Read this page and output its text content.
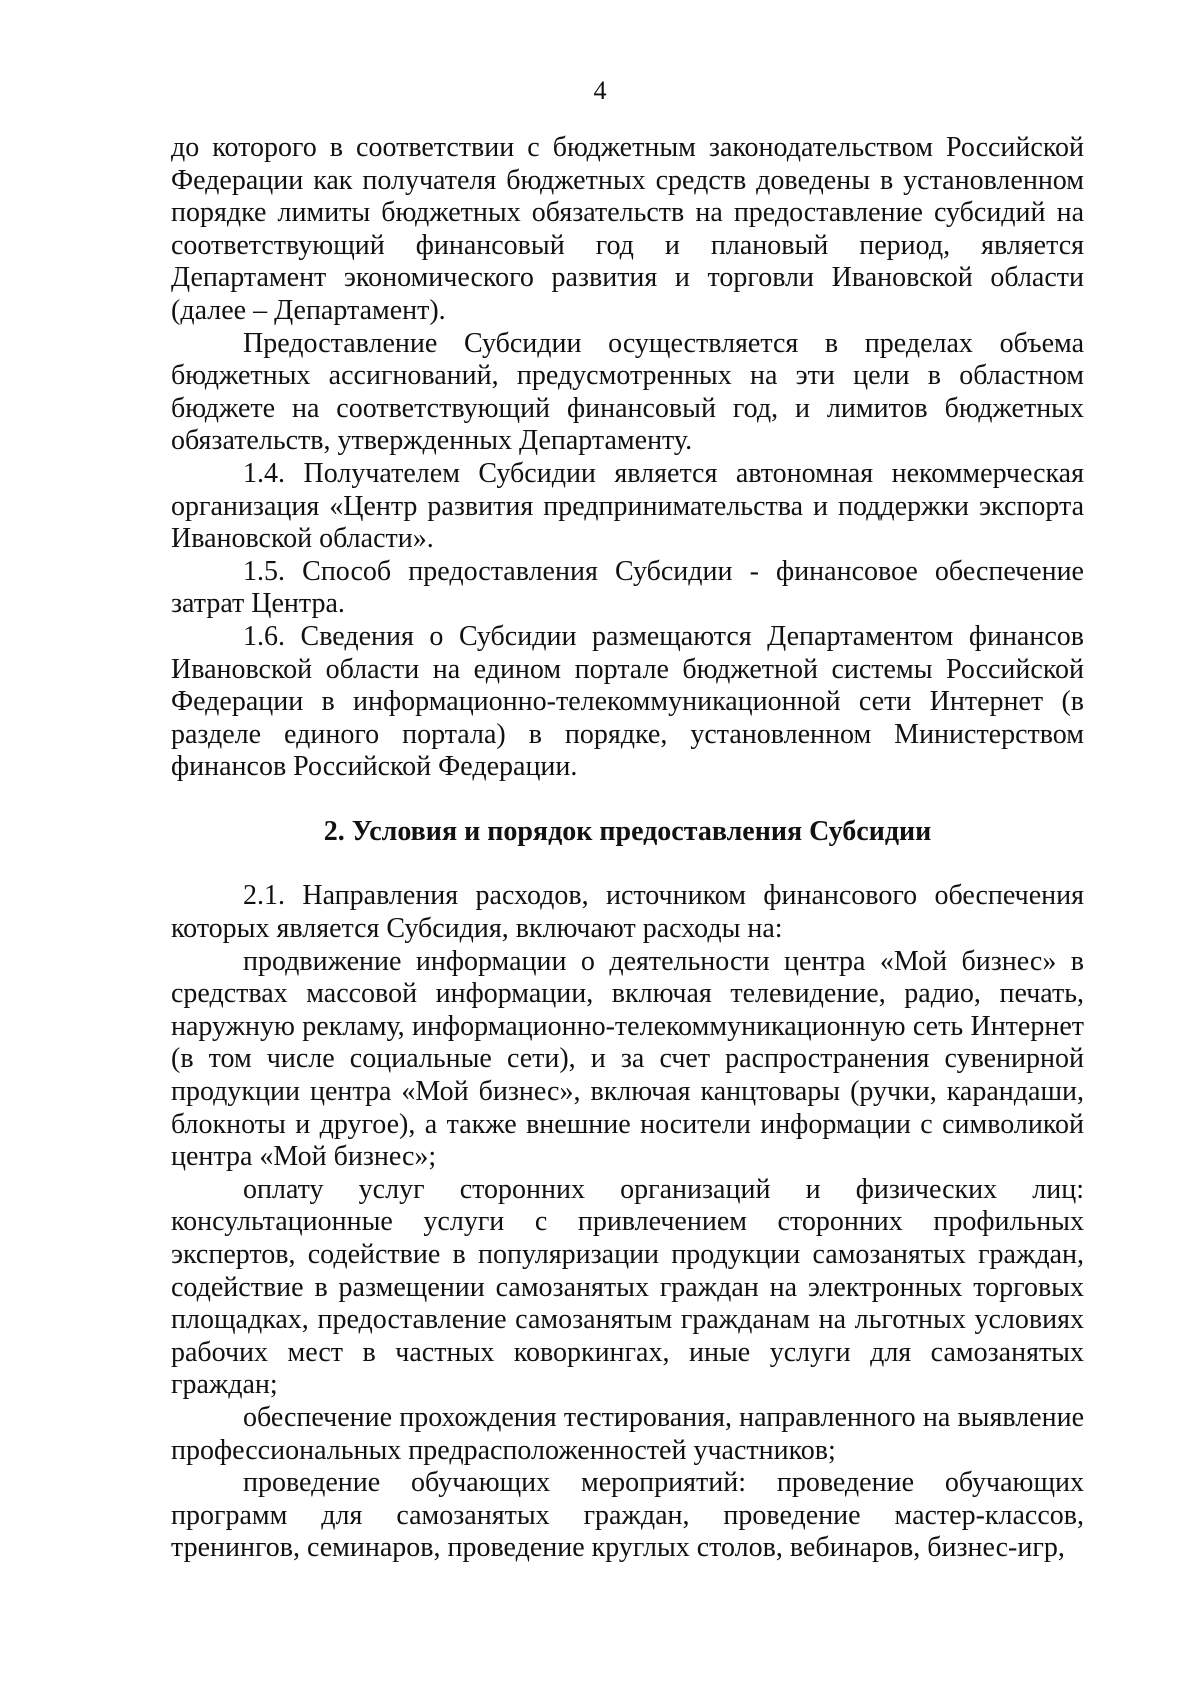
4

до которого в соответствии с бюджетным законодательством Российской Федерации как получателя бюджетных средств доведены в установленном порядке лимиты бюджетных обязательств на предоставление субсидий на соответствующий финансовый год и плановый период, является Департамент экономического развития и торговли Ивановской области (далее – Департамент).

Предоставление Субсидии осуществляется в пределах объема бюджетных ассигнований, предусмотренных на эти цели в областном бюджете на соответствующий финансовый год, и лимитов бюджетных обязательств, утвержденных Департаменту.

1.4. Получателем Субсидии является автономная некоммерческая организация «Центр развития предпринимательства и поддержки экспорта Ивановской области».

1.5. Способ предоставления Субсидии - финансовое обеспечение затрат Центра.

1.6. Сведения о Субсидии размещаются Департаментом финансов Ивановской области на едином портале бюджетной системы Российской Федерации в информационно-телекоммуникационной сети Интернет (в разделе единого портала) в порядке, установленном Министерством финансов Российской Федерации.

2. Условия и порядок предоставления Субсидии

2.1. Направления расходов, источником финансового обеспечения которых является Субсидия, включают расходы на:

продвижение информации о деятельности центра «Мой бизнес» в средствах массовой информации, включая телевидение, радио, печать, наружную рекламу, информационно-телекоммуникационную сеть Интернет (в том числе социальные сети), и за счет распространения сувенирной продукции центра «Мой бизнес», включая канцтовары (ручки, карандаши, блокноты и другое), а также внешние носители информации с символикой центра «Мой бизнес»;

оплату услуг сторонних организаций и физических лиц: консультационные услуги с привлечением сторонних профильных экспертов, содействие в популяризации продукции самозанятых граждан, содействие в размещении самозанятых граждан на электронных торговых площадках, предоставление самозанятым гражданам на льготных условиях рабочих мест в частных коворкингах, иные услуги для самозанятых граждан;

обеспечение прохождения тестирования, направленного на выявление профессиональных предрасположенностей участников;

проведение обучающих мероприятий: проведение обучающих программ для самозанятых граждан, проведение мастер-классов, тренингов, семинаров, проведение круглых столов, вебинаров, бизнес-игр,
